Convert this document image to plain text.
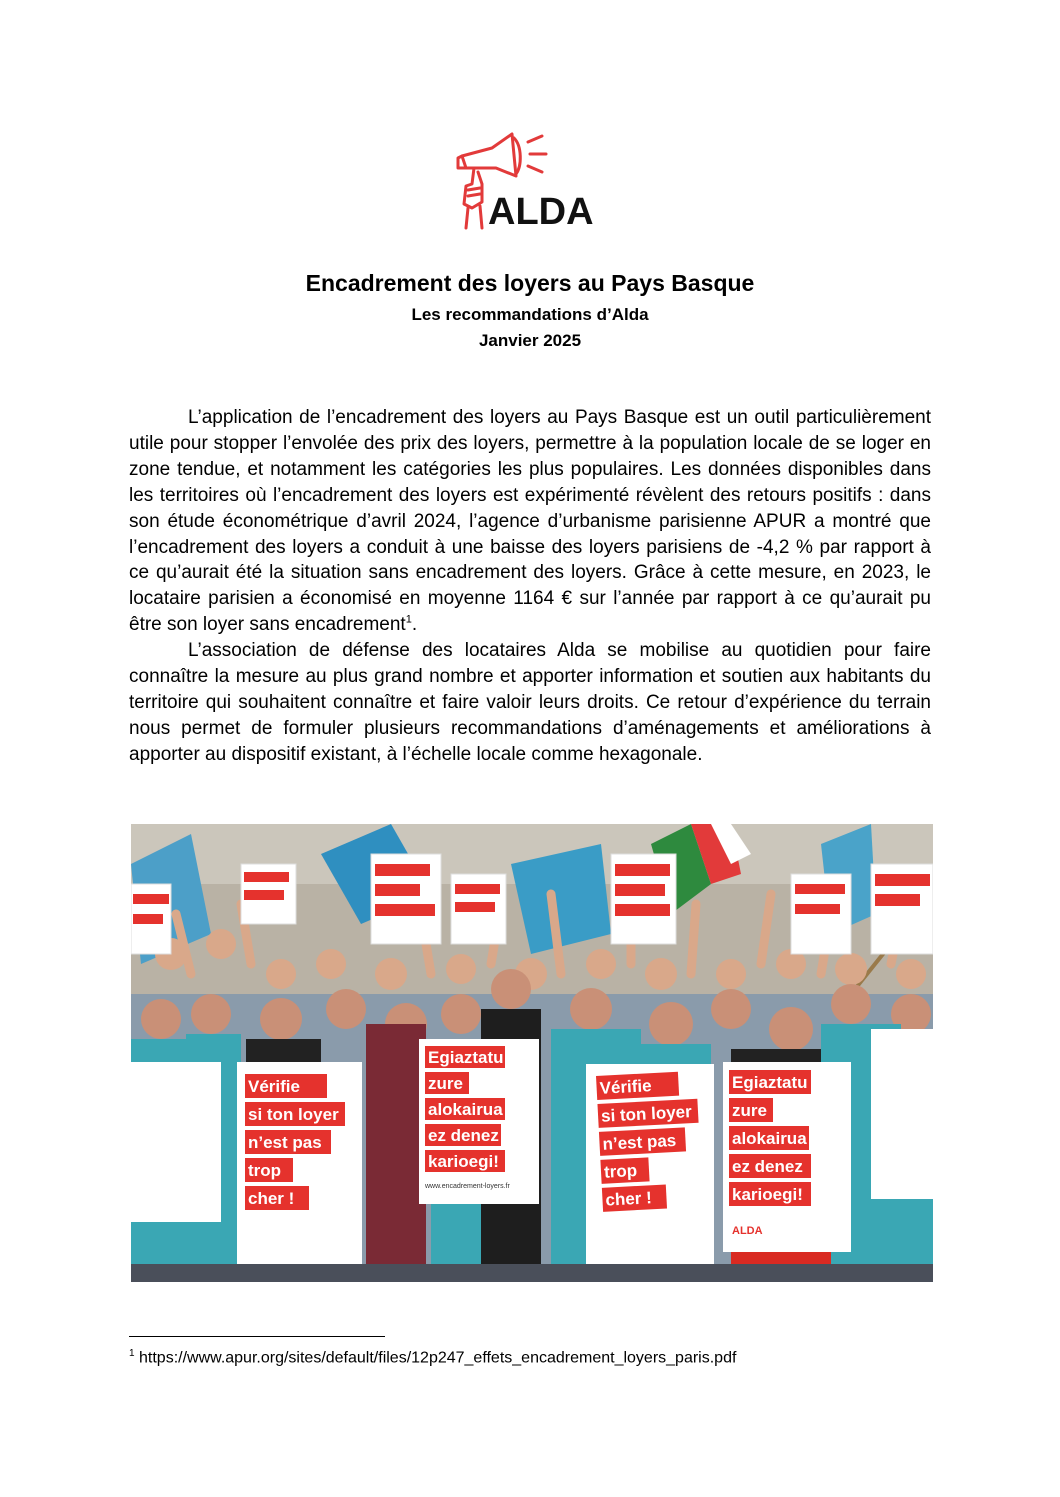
ALDA
Encadrement des loyers au Pays Basque
Les recommandations d’Alda
Janvier 2025

L’application de l’encadrement des loyers au Pays Basque est un outil particulièrement utile pour stopper l’envolée des prix des loyers, permettre à la population locale de se loger en zone tendue, et notamment les catégories les plus populaires. Les données disponibles dans les territoires où l’encadrement des loyers est expérimenté révèlent des retours positifs : dans son étude économétrique d’avril 2024, l’agence d’urbanisme parisienne APUR a montré que l’encadrement des loyers a conduit à une baisse des loyers parisiens de -4,2 % par rapport à ce qu’aurait été la situation sans encadrement des loyers. Grâce à cette mesure, en 2023, le locataire parisien a économisé en moyenne 1164 € sur l’année par rapport à ce qu’aurait pu être son loyer sans encadrement$^1$.

L’association de défense des locataires Alda se mobilise au quotidien pour faire connaître la mesure au plus grand nombre et apporter information et soutien aux habitants du territoire qui souhaitent connaître et faire valoir leurs droits. Ce retour d’expérience du terrain nous permet de formuler plusieurs recommandations d’aménagements et améliorations à apporter au dispositif existant, à l’échelle locale comme hexagonale.

Vérifie
si ton loyer
n’est pas
trop
cher !
Vérifie
si ton loyer
n’est pas
trop
cher !
Egiaztatu
zure
alokairua
ez denez
karioegi!
www.encadrement-loyers.fr
Egiaztatu
zure
alokairua
ez denez
karioegi!
ALDA
$^1$ https://www.apur.org/sites/default/files/12p247_effets_encadrement_loyers_paris.pdf
